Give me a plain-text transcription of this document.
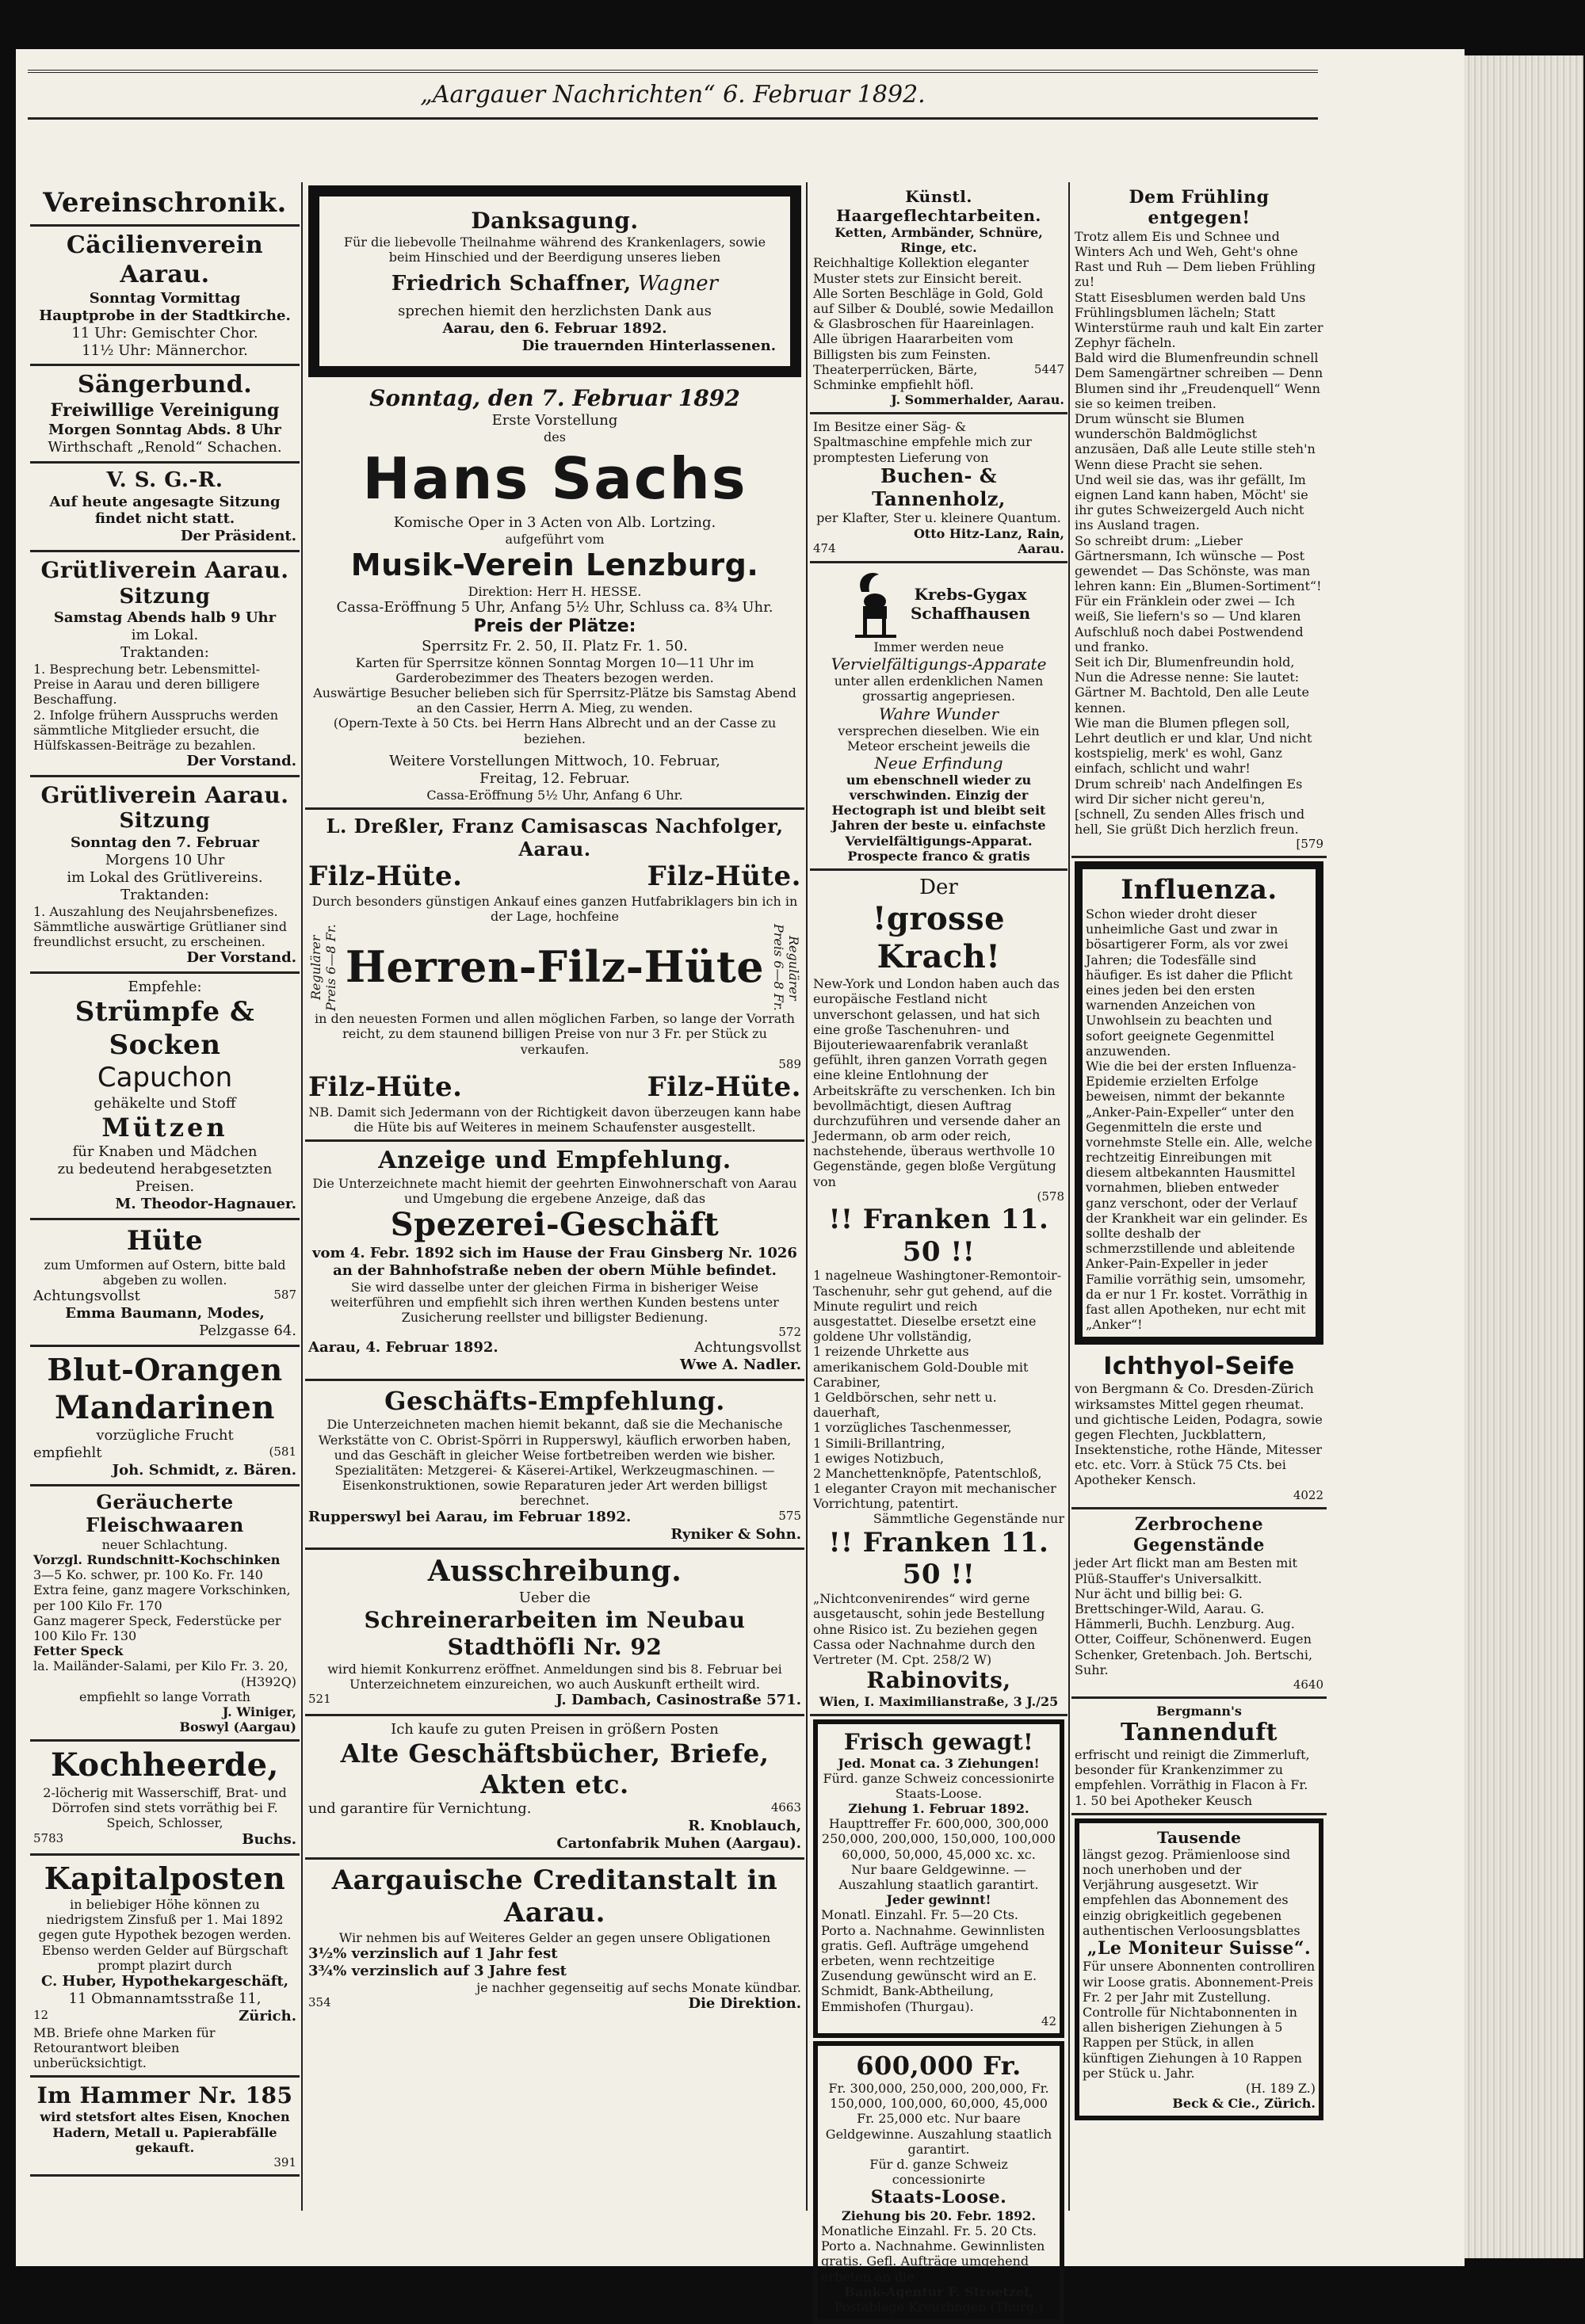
„Aargauer Nachrichten“ 6. Februar 1892.
Vereinschronik.
Cäcilienverein Aarau.
Sonntag Vormittag
Hauptprobe in der Stadtkirche.
11 Uhr: Gemischter Chor.
11½ Uhr: Männerchor.
Sängerbund.
Freiwillige Vereinigung
Morgen Sonntag Abds. 8 Uhr
Wirthschaft „Renold“ Schachen.
V. S. G.-R.
Auf heute angesagte Sitzung findet nicht statt.
Der Präsident.
Grütliverein Aarau.
Sitzung
Samstag Abends halb 9 Uhr
im Lokal.
Traktanden:
1. Besprechung betr. Lebensmittel-Preise in Aarau und deren billigere Beschaffung.
2. Infolge frühern Ausspruchs werden sämmtliche Mitglieder ersucht, die Hülfskassen-Beiträge zu bezahlen.
Der Vorstand.
Grütliverein Aarau.
Sitzung
Sonntag den 7. Februar
Morgens 10 Uhr
im Lokal des Grütlivereins.
Traktanden:
1. Auszahlung des Neujahrsbenefizes. Sämmtliche auswärtige Grütlianer sind freundlichst ersucht, zu erscheinen.
Der Vorstand.
Empfehle:
Strümpfe & Socken
Capuchon
gehäkelte und Stoff
Mützen
für Knaben und Mädchen
zu bedeutend herabgesetzten Preisen.
M. Theodor-Hagnauer.
Hüte
zum Umformen auf Ostern, bitte bald abgeben zu wollen.
Achtungsvollst	587
Emma Baumann, Modes,
Pelzgasse 64.
Blut-Orangen
Mandarinen
vorzügliche Frucht
empfiehlt	(581
Joh. Schmidt, z. Bären.
Geräucherte Fleischwaaren
neuer Schlachtung.
Vorzgl. Rundschnitt-Kochschinken
3—5 Ko. schwer, pr. 100 Ko. Fr. 140
Extra feine, ganz magere Vorkschinken, per 100 Kilo Fr. 170
Ganz magerer Speck, Federstücke per 100 Kilo Fr. 130
Fetter Speck
la. Mailänder-Salami, per Kilo Fr. 3. 20,
(H392Q)
empfiehlt so lange Vorrath
J. Winiger,
Boswyl (Aargau)
Kochheerde,
2-löcherig mit Wasserschiff, Brat- und Dörrofen sind stets vorräthig bei F. Speich, Schlosser,
5783	Buchs.
Kapitalposten
in beliebiger Höhe können zu niedrigstem Zinsfuß per 1. Mai 1892 gegen gute Hypothek bezogen werden. Ebenso werden Gelder auf Bürgschaft prompt plazirt durch
C. Huber, Hypothekargeschäft,
11 Obmannamtsstraße 11,
12	Zürich.
MB. Briefe ohne Marken für Retourantwort bleiben unberücksichtigt.
Im Hammer Nr. 185
wird stetsfort altes Eisen, Knochen Hadern, Metall u. Papierabfälle gekauft.
391
Danksagung.
Für die liebevolle Theilnahme während des Krankenlagers, sowie beim Hinschied und der Beerdigung unseres lieben
Friedrich Schaffner, Wagner
sprechen hiemit den herzlichsten Dank aus
Aarau, den 6. Februar 1892.
Die trauernden Hinterlassenen.
Sonntag, den 7. Februar 1892
Erste Vorstellung
des
Hans Sachs
Komische Oper in 3 Acten von Alb. Lortzing.
aufgeführt vom
Musik-Verein Lenzburg.
Direktion: Herr H. HESSE.
Cassa-Eröffnung 5 Uhr, Anfang 5½ Uhr, Schluss ca. 8¾ Uhr.
Preis der Plätze:
Sperrsitz Fr. 2. 50, II. Platz Fr. 1. 50.
Karten für Sperrsitze können Sonntag Morgen 10—11 Uhr im Garderobezimmer des Theaters bezogen werden.
Auswärtige Besucher belieben sich für Sperrsitz-Plätze bis Samstag Abend an den Cassier, Herrn A. Mieg, zu wenden.
(Opern-Texte à 50 Cts. bei Herrn Hans Albrecht und an der Casse zu beziehen.
Weitere Vorstellungen Mittwoch, 10. Februar,
Freitag, 12. Februar.
Cassa-Eröffnung 5½ Uhr, Anfang 6 Uhr.
L. Dreßler, Franz Camisascas Nachfolger, Aarau.
Filz-Hüte.	Filz-Hüte.
Durch besonders günstigen Ankauf eines ganzen Hutfabriklagers bin ich in der Lage, hochfeine
Regulärer Preis 6—8 Fr. Herren-Filz-Hüte	Regulärer Preis 6—8 Fr.
in den neuesten Formen und allen möglichen Farben, so lange der Vorrath reicht, zu dem staunend billigen Preise von nur 3 Fr. per Stück zu verkaufen.
589
Filz-Hüte.	Filz-Hüte.
NB. Damit sich Jedermann von der Richtigkeit davon überzeugen kann habe die Hüte bis auf Weiteres in meinem Schaufenster ausgestellt.
Anzeige und Empfehlung.
Die Unterzeichnete macht hiemit der geehrten Einwohnerschaft von Aarau und Umgebung die ergebene Anzeige, daß das
Spezerei-Geschäft
vom 4. Febr. 1892 sich im Hause der Frau Ginsberg Nr. 1026 an der Bahnhofstraße neben der obern Mühle befindet.
Sie wird dasselbe unter der gleichen Firma in bisheriger Weise weiterführen und empfiehlt sich ihren werthen Kunden bestens unter Zusicherung reellster und billigster Bedienung.
572
Aarau, 4. Februar 1892.	Achtungsvollst
Wwe A. Nadler.
Geschäfts-Empfehlung.
Die Unterzeichneten machen hiemit bekannt, daß sie die Mechanische Werkstätte von C. Obrist-Spörri in Rupperswyl, käuflich erworben haben, und das Geschäft in gleicher Weise fortbetreiben werden wie bisher.
Spezialitäten: Metzgerei- & Käserei-Artikel, Werkzeugmaschinen. — Eisenkonstruktionen, sowie Reparaturen jeder Art werden billigst berechnet.
Rupperswyl bei Aarau, im Februar 1892.	575
Ryniker & Sohn.
Ausschreibung.
Ueber die
Schreinerarbeiten im Neubau Stadthöfli Nr. 92
wird hiemit Konkurrenz eröffnet. Anmeldungen sind bis 8. Februar bei Unterzeichnetem einzureichen, wo auch Auskunft ertheilt wird.
521	J. Dambach, Casinostraße 571.
Ich kaufe zu guten Preisen in größern Posten
Alte Geschäftsbücher, Briefe, Akten etc.
und garantire für Vernichtung.	4663
R. Knoblauch,
Cartonfabrik Muhen (Aargau).
Aargauische Creditanstalt in Aarau.
Wir nehmen bis auf Weiteres Gelder an gegen unsere Obligationen
3½% verzinslich auf 1 Jahr fest
3¾% verzinslich auf 3 Jahre fest
je nachher gegenseitig auf sechs Monate kündbar.
354	Die Direktion.
Künstl. Haargeflechtarbeiten.
Ketten, Armbänder, Schnüre, Ringe, etc.
Reichhaltige Kollektion eleganter Muster stets zur Einsicht bereit.
Alle Sorten Beschläge in Gold, Gold auf Silber & Doublé, sowie Medaillon & Glasbroschen für Haareinlagen.
Alle übrigen Haararbeiten vom Billigsten bis zum Feinsten.
Theaterperrücken, Bärte, Schminke empfiehlt höfl.
5447
J. Sommerhalder, Aarau.
Im Besitze einer Säg- & Spaltmaschine empfehle mich zur promptesten Lieferung von
Buchen- & Tannenholz,
per Klafter, Ster u. kleinere Quantum.
Otto Hitz-Lanz, Rain,
474	Aarau.
Krebs-Gygax
Schaffhausen
Immer werden neue
Vervielfältigungs-Apparate
unter allen erdenklichen Namen grossartig angepriesen.
Wahre Wunder
versprechen dieselben. Wie ein Meteor erscheint jeweils die
Neue Erfindung
um ebenschnell wieder zu verschwinden. Einzig der Hectograph ist und bleibt seit Jahren der beste u. einfachste Vervielfältigungs-Apparat. Prospecte franco & gratis
Der
!grosse Krach!
New-York und London haben auch das europäische Festland nicht unverschont gelassen, und hat sich eine große Taschenuhren- und Bijouteriewaarenfabrik veranlaßt gefühlt, ihren ganzen Vorrath gegen eine kleine Entlohnung der Arbeitskräfte zu verschenken. Ich bin bevollmächtigt, diesen Auftrag durchzuführen und versende daher an Jedermann, ob arm oder reich, nachstehende, überaus werthvolle 10 Gegenstände, gegen bloße Vergütung von
(578
!! Franken 11. 50 !!
1 nagelneue Washingtoner-Remontoir-Taschenuhr, sehr gut gehend, auf die Minute regulirt und reich ausgestattet. Dieselbe ersetzt eine goldene Uhr vollständig,
1 reizende Uhrkette aus amerikanischem Gold-Double mit Carabiner,
1 Geldbörschen, sehr nett u. dauerhaft,
1 vorzügliches Taschenmesser,
1 Simili-Brillantring,
1 ewiges Notizbuch,
2 Manchettenknöpfe, Patentschloß,
1 eleganter Crayon mit mechanischer Vorrichtung, patentirt.
Sämmtliche Gegenstände nur
!! Franken 11. 50 !!
„Nichtconvenirendes“ wird gerne ausgetauscht, sohin jede Bestellung ohne Risico ist. Zu beziehen gegen Cassa oder Nachnahme durch den Vertreter (M. Cpt. 258/2 W)
Rabinovits,
Wien, I. Maximilianstraße, 3 J./25
Frisch gewagt!
Jed. Monat ca. 3 Ziehungen!
Fürd. ganze Schweiz concessionirte Staats-Loose.
Ziehung 1. Februar 1892.
Haupttreffer Fr. 600,000, 300,000 250,000, 200,000, 150,000, 100,000 60,000, 50,000, 45,000 xc. xc.
Nur baare Geldgewinne. — Auszahlung staatlich garantirt.
Jeder gewinnt!
Monatl. Einzahl. Fr. 5—20 Cts. Porto a. Nachnahme. Gewinnlisten gratis. Gefl. Aufträge umgehend erbeten, wenn rechtzeitige Zusendung gewünscht wird an E. Schmidt, Bank-Abtheilung, Emmishofen (Thurgau).
42
600,000 Fr.
Fr. 300,000, 250,000, 200,000, Fr. 150,000, 100,000, 60,000, 45,000 Fr. 25,000 etc. Nur baare Geldgewinne. Auszahlung staatlich garantirt.
Für d. ganze Schweiz concessionirte
Staats-Loose.
Ziehung bis 20. Febr. 1892.
Monatliche Einzahl. Fr. 5. 20 Cts. Porto a. Nachnahme. Gewinnlisten gratis. Gefl. Aufträge umgehend erbeten an die
Bank-Agentur F. Stroetzel,
Postablage Kreuzlingen (Thurg.)
Dem Frühling entgegen!
Trotz allem Eis und Schnee und Winters Ach und Weh, Geht's ohne Rast und Ruh — Dem lieben Frühling zu!
Statt Eisesblumen werden bald Uns Frühlingsblumen lächeln; Statt Winterstürme rauh und kalt Ein zarter Zephyr fächeln.
Bald wird die Blumenfreundin schnell Dem Samengärtner schreiben — Denn Blumen sind ihr „Freudenquell“ Wenn sie so keimen treiben.
Drum wünscht sie Blumen wunderschön Baldmöglichst anzusäen, Daß alle Leute stille steh'n Wenn diese Pracht sie sehen.
Und weil sie das, was ihr gefällt, Im eignen Land kann haben, Möcht' sie ihr gutes Schweizergeld Auch nicht ins Ausland tragen.
So schreibt drum: „Lieber Gärtnersmann, Ich wünsche — Post gewendet — Das Schönste, was man lehren kann: Ein „Blumen-Sortiment“!
Für ein Fränklein oder zwei — Ich weiß, Sie liefern's so — Und klaren Aufschluß noch dabei Postwendend und franko.
Seit ich Dir, Blumenfreundin hold, Nun die Adresse nenne: Sie lautet: Gärtner M. Bachtold, Den alle Leute kennen.
Wie man die Blumen pflegen soll, Lehrt deutlich er und klar, Und nicht kostspielig, merk' es wohl, Ganz einfach, schlicht und wahr!
Drum schreib' nach Andelfingen Es wird Dir sicher nicht gereu'n, [schnell, Zu senden Alles frisch und hell, Sie grüßt Dich herzlich freun.
[579
Influenza.
Schon wieder droht dieser unheimliche Gast und zwar in bösartigerer Form, als vor zwei Jahren; die Todesfälle sind häufiger. Es ist daher die Pflicht eines jeden bei den ersten warnenden Anzeichen von Unwohlsein zu beachten und sofort geeignete Gegenmittel anzuwenden.
Wie die bei der ersten Influenza-Epidemie erzielten Erfolge beweisen, nimmt der bekannte „Anker-Pain-Expeller“ unter den Gegenmitteln die erste und vornehmste Stelle ein. Alle, welche rechtzeitig Einreibungen mit diesem altbekannten Hausmittel vornahmen, blieben entweder ganz verschont, oder der Verlauf der Krankheit war ein gelinder. Es sollte deshalb der schmerzstillende und ableitende Anker-Pain-Expeller in jeder Familie vorräthig sein, umsomehr, da er nur 1 Fr. kostet. Vorräthig in fast allen Apotheken, nur echt mit „Anker“!
Ichthyol-Seife
von Bergmann & Co. Dresden-Zürich wirksamstes Mittel gegen rheumat. und gichtische Leiden, Podagra, sowie gegen Flechten, Juckblattern, Insektenstiche, rothe Hände, Mitesser etc. etc. Vorr. à Stück 75 Cts. bei Apotheker Kensch.
4022
Zerbrochene Gegenstände
jeder Art flickt man am Besten mit Plüß-Stauffer's Universalkitt.
Nur ächt und billig bei: G. Brettschinger-Wild, Aarau. G. Hämmerli, Buchh. Lenzburg. Aug. Otter, Coiffeur, Schönenwerd. Eugen Schenker, Gretenbach. Joh. Bertschi, Suhr.
4640
Bergmann's
Tannenduft
erfrischt und reinigt die Zimmerluft, besonder für Krankenzimmer zu empfehlen. Vorräthig in Flacon à Fr. 1. 50 bei Apotheker Keusch
Tausende
längst gezog. Prämienloose sind noch unerhoben und der Verjährung ausgesetzt. Wir empfehlen das Abonnement des einzig obrigkeitlich gegebenen authentischen Verloosungsblattes
„Le Moniteur Suisse“.
Für unsere Abonnenten controlliren wir Loose gratis. Abonnement-Preis Fr. 2 per Jahr mit Zustellung. Controlle für Nichtabonnenten in allen bisherigen Ziehungen à 5 Rappen per Stück, in allen künftigen Ziehungen à 10 Rappen per Stück u. Jahr.
(H. 189 Z.)
Beck & Cie., Zürich.
